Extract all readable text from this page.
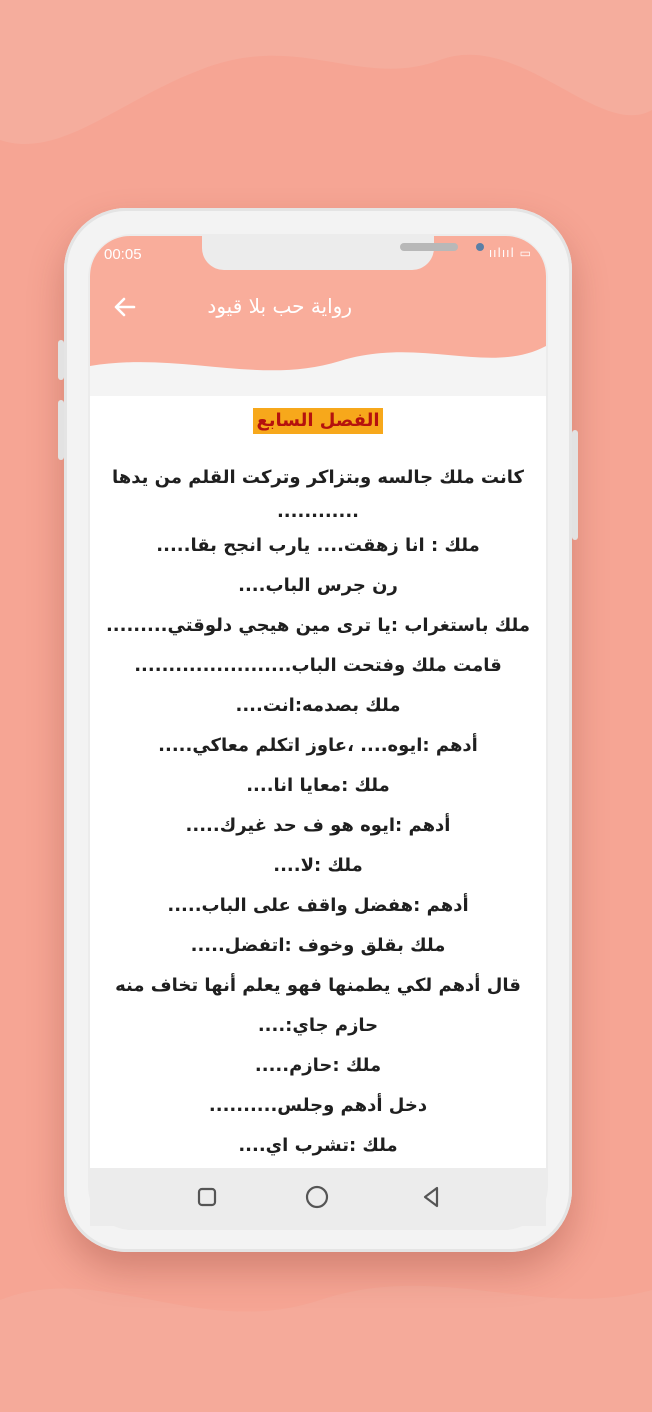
00:05	ıılııl ▭
رواية حب بلا قيود
الفصل السابع
كانت ملك جالسه وبتزاكر وتركت القلم من يدها
............
ملك : انا زهقت.... يارب انجح بقا.....
رن جرس الباب....
ملك باستغراب :يا ترى مين هيجي دلوقتي.........
قامت ملك وفتحت الباب.......................
ملك بصدمه:انت....
أدهم :ايوه.... ،عاوز اتكلم معاكي.....
ملك :معايا انا....
أدهم :ايوه هو ف حد غيرك.....
ملك :لا....
أدهم :هفضل واقف على الباب.....
ملك بقلق وخوف :اتفضل.....
قال أدهم لكي يطمنها فهو يعلم أنها تخاف منه
حازم جاي:....
ملك :حازم.....
دخل أدهم وجلس..........
ملك :تشرب اي....
